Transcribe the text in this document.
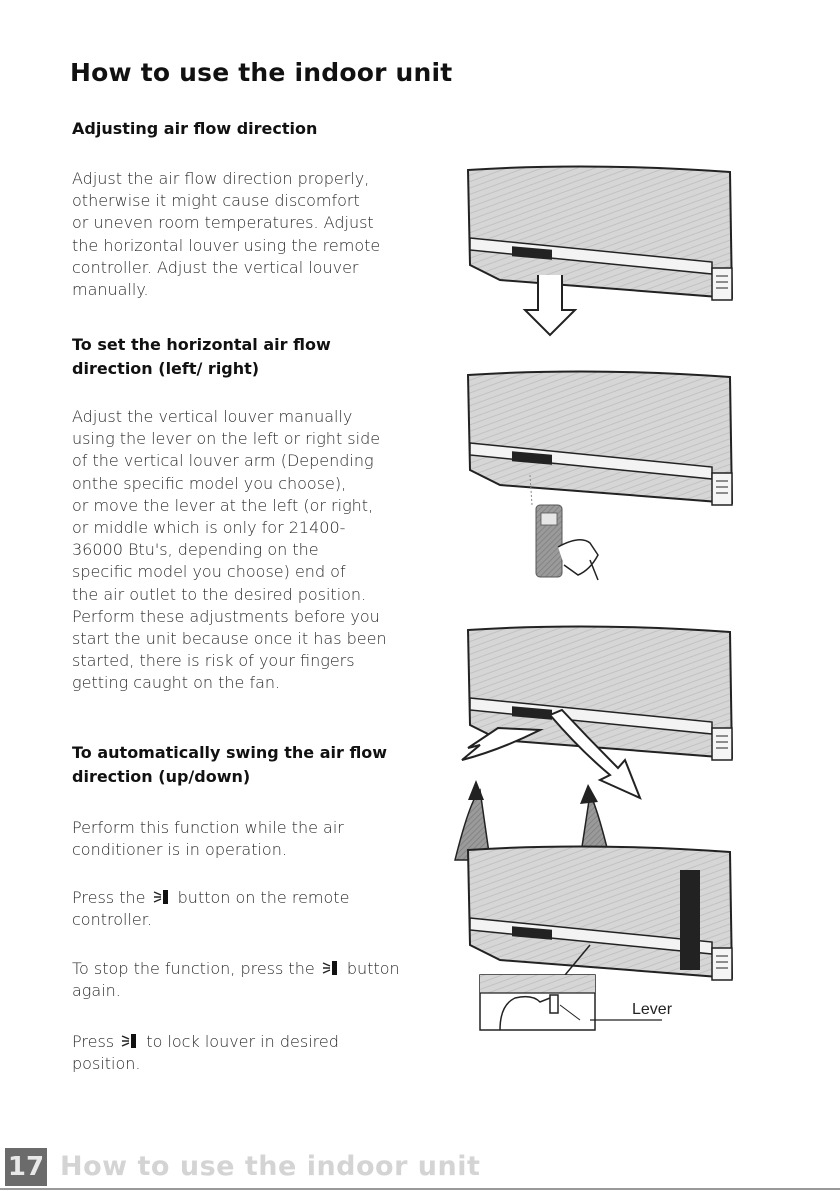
How to use the indoor unit
Adjusting air flow direction

Adjust the air flow direction properly,

otherwise it might cause discomfort

or uneven room temperatures. Adjust

the horizontal louver using the remote

controller. Adjust the vertical louver

manually.

To set the horizontal air flow
direction (left/ right)

Adjust the vertical louver manually

using the lever on the left or right side

of the vertical louver arm (Depending

onthe specific model you choose),

or move the lever at the left (or right,

or middle which is only for 21400-

36000 Btu's, depending on the

specific model you choose) end of

the air outlet to the desired position.

Perform these adjustments before you

start the unit because once it has been

started, there is risk of your fingers

getting caught on the fan.

To automatically swing the air flow
direction (up/down)

Perform this function while the air

conditioner is in operation.

Press the button on the remote

controller.

To stop the function, press the button

again.

Press to lock louver in desired

position.

Lever
17 How to use the indoor unit
